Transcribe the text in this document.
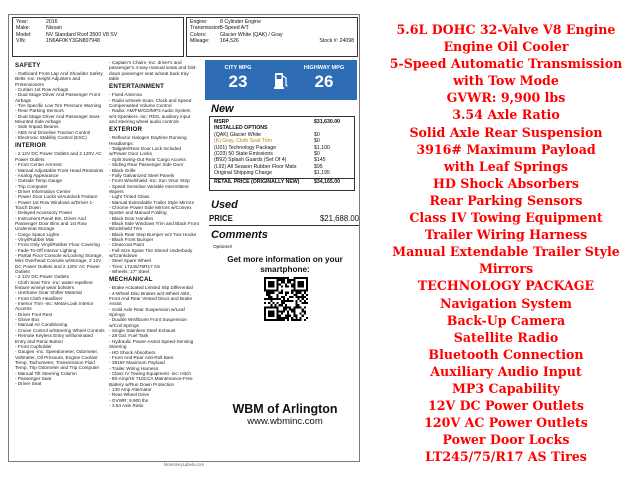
Year:	2016
Make:	Nissan
Model:	NV Standard Roof 3500 V8 SV
VIN:	1N6AF0KY3GN807948
Engine:	8 Cylinder Engine
Transmission:
5-Speed A/T
Colors:	Glacier White (QAK) / Gray
Mileage:	164,526	Stock #: 24098
SAFETY
- Outboard Front Lap And Shoulder Safety Belts -inc: Height Adjusters and Pretensioners
- Curtain 1st Row Airbags
- Dual Stage Driver And Passenger Front Airbags
- Tire Specific Low Tire Pressure Warning
- Rear Parking Sensors
- Dual Stage Driver And Passenger Seat-Mounted Side Airbags
- Side Impact Beams
- ABS And Driveline Traction Control
- Electronic Stability Control (ESC)
INTERIOR
- 2 12V DC Power Outlets and 2 120V AC Power Outlets
- Front Center Armrest
- Manual Adjustable Front Head Restraints
- Analog Appearance
- Outside Temp Gauge
- Trip Computer
- Driver Information Center
- Power Door Locks w/Autolock Feature
- Power 1st Row Windows w/Driver 1-Touch Down
- Delayed Accessory Power
- Instrument Panel Bin, Driver And Passenger Door Bins and 1st Row Underseat Storage
- Cargo Space Lights
- Vinyl/Rubber Mat
- Front Only Vinyl/Rubber Floor Covering
- Fade-To-Off Interior Lighting
- Partial Floor Console w/Locking Storage, Mini Overhead Console w/Storage, 2 12V DC Power Outlets and 2 120V AC Power Outlets
- 2 12V DC Power Outlets
- Cloth Seat Trim -inc: water-repellent feature w/vinyl wear bolsters
- Urethane Gear Shifter Material
- Front Cloth Headliner
- Interior Trim -inc: Metal-Look Interior Accents
- Driver Foot Rest
- Glove Box
- Manual Air Conditioning
- Cruise Control w/Steering Wheel Controls
- Remote Keyless Entry w/Illuminated Entry and Panic Button
- Front Cupholder
- Gauges -inc: Speedometer, Odometer, Voltmeter, Oil Pressure, Engine Coolant Temp, Tachometer, Transmission Fluid Temp, Trip Odometer and Trip Computer
- Manual Tilt Steering Column
- Passenger Seat
- Driver Seat
- Captain's Chairs -inc: driver's and passenger's 4-way manual seats and fold-down passenger seat w/seat back tray table
ENTERTAINMENT
- Fixed Antenna
- Radio w/Seek-Scan, Clock and Speed Compensated Volume Control
- Radio: AM/FM/CD/MP3 Audio System w/4-Speakers -inc: RDS, auxiliary input and steering wheel audio controls
EXTERIOR
- Reflector Halogen Daytime Running Headlamps
- Tailgate/Rear Door Lock Included w/Power Door Locks
- Split Swing-Out Rear Cargo Access
- Sliding Rear Passenger Side Door
- Black Grille
- Fully Galvanized Steel Panels
- Front Windshield -inc: Sun Visor Strip
- Speed Sensitive Variable Intermittent Wipers
- Light Tinted Glass
- Manual Extendable Trailer Style Mirrors
- Chrome Power Side Mirrors w/Convex Spotter and Manual Folding
- Black Door Handles
- Black Side Windows Trim and Black Front Windshield Trim
- Black Rear Step Bumper w/2 Tow Hooks
- Black Front Bumper
- Clearcoat Paint
- Full-Size Spare Tire Stored Underbody w/Crankdown
- Steel Spare Wheel
- Tires: LT245/75R17 AS
- Wheels: 17" Steel
MECHANICAL
- Brake Actuated Limited Slip Differential
- 4-Wheel Disc Brakes w/4-Wheel ABS, Front And Rear Vented Discs and Brake Assist
- Solid Axle Rear Suspension w/Leaf Springs
- Double Wishbone Front Suspension w/Coil Springs
- Single Stainless Steel Exhaust
- 28 Gal. Fuel Tank
- Hydraulic Power-Assist Speed-Sensing Steering
- HD Shock Absorbers
- Front And Rear Anti-Roll Bars
- 3916# Maximum Payload
- Trailer Wiring Harness
- Class IV Towing Equipment -inc: Hitch
- 80-Amp/Hr 710CCA Maintenance-Free Battery w/Run Down Protection
- 130 Amp Alternator
- Rear-Wheel Drive
- GVWR: 9,900 lbs
- 3.54 Axle Ratio
CITY MPG
23
HIGHWAY MPG
26
New
MSRP	$31,630.00
INSTALLED OPTIONS
(QAK) Glacier White	$0
(K) Gray, Cloth Seat Trim	$0
(U01) Technology Package	$1,100
(C03) 50 State Emissions	$0
(B92) Splash Guards (Set Of 4)	$145
(L92) All Season Rubber Floor Mats	$95
Original Shipping Charge	$1,195
RETAIL PRICE (ORIGINALLY NEW)	$34,165.00
Used
PRICE	$21,688.00
Comments
Options!!
Get more information on your smartphone:
WBM of Arlington
www.wbminc.com
MonroneyLabels.com
5.6L DOHC 32-Valve V8 Engine
Engine Oil Cooler
5-Speed Automatic Transmission
with Tow Mode
GVWR: 9,900 lbs
3.54 Axle Ratio
Solid Axle Rear Suspension
3916# Maximum Payload
with Leaf Springs
HD Shock Absorbers
Rear Parking Sensors
Class IV Towing Equipment
Trailer Wiring Harness
Manual Extendable Trailer Style
Mirrors
TECHNOLOGY PACKAGE
Navigation System
Back-Up Camera
Satellite Radio
Bluetooth Connection
Auxiliary Audio Input
MP3 Capability
12V DC Power Outlets
120V AC Power Outlets
Power Door Locks
LT245/75/R17 AS Tires
